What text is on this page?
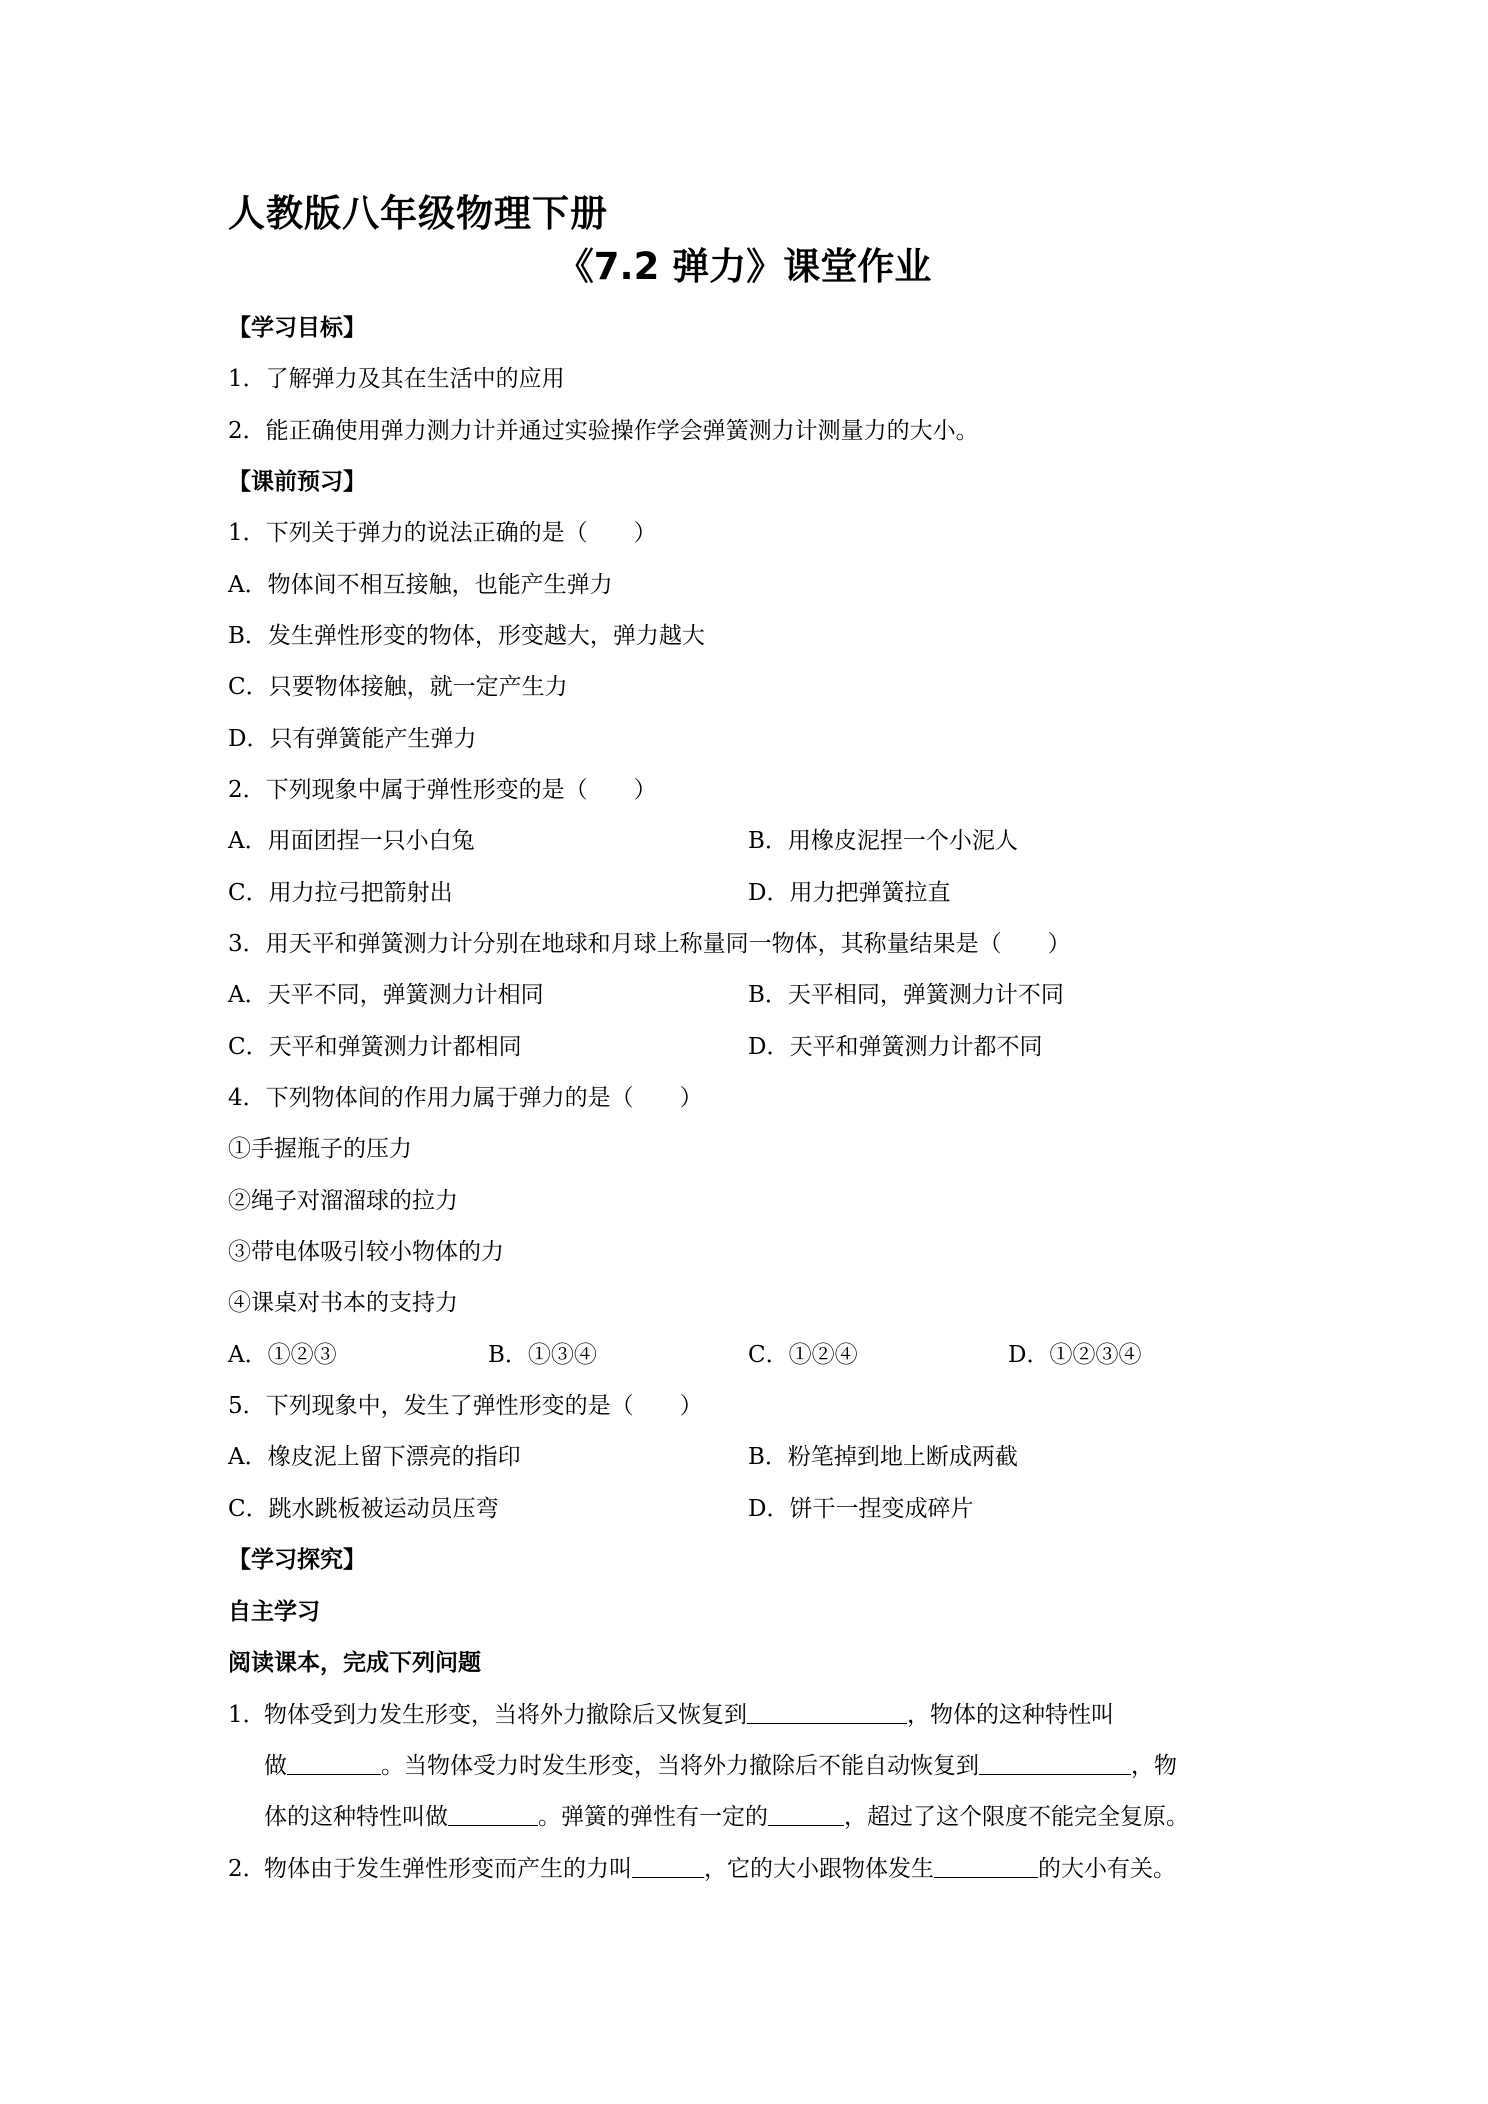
人教版八年级物理下册
《7.2 弹力》课堂作业
【学习目标】
1．了解弹力及其在生活中的应用
2．能正确使用弹力测力计并通过实验操作学会弹簧测力计测量力的大小。
【课前预习】
1．下列关于弹力的说法正确的是（　　）
A．物体间不相互接触，也能产生弹力
B．发生弹性形变的物体，形变越大，弹力越大
C．只要物体接触，就一定产生力
D．只有弹簧能产生弹力
2．下列现象中属于弹性形变的是（　　）
A．用面团捏一只小白兔	B．用橡皮泥捏一个小泥人
C．用力拉弓把箭射出	D．用力把弹簧拉直
3．用天平和弹簧测力计分别在地球和月球上称量同一物体，其称量结果是（　　）
A．天平不同，弹簧测力计相同	B．天平相同，弹簧测力计不同
C．天平和弹簧测力计都相同	D．天平和弹簧测力计都不同
4．下列物体间的作用力属于弹力的是（　　）
①手握瓶子的压力
②绳子对溜溜球的拉力
③带电体吸引较小物体的力
④课桌对书本的支持力
A．①②③	B．①③④	C．①②④	D．①②③④
5．下列现象中，发生了弹性形变的是（　　）
A．橡皮泥上留下漂亮的指印	B．粉笔掉到地上断成两截
C．跳水跳板被运动员压弯	D．饼干一捏变成碎片
【学习探究】
自主学习
阅读课本，完成下列问题
1．物体受到力发生形变，当将外力撤除后又恢复到	，物体的这种特性叫
做	。当物体受力时发生形变，当将外力撤除后不能自动恢复到	，物
体的这种特性叫做	。弹簧的弹性有一定的	，超过了这个限度不能完全复原。
2．物体由于发生弹性形变而产生的力叫	，它的大小跟物体发生	的大小有关。
